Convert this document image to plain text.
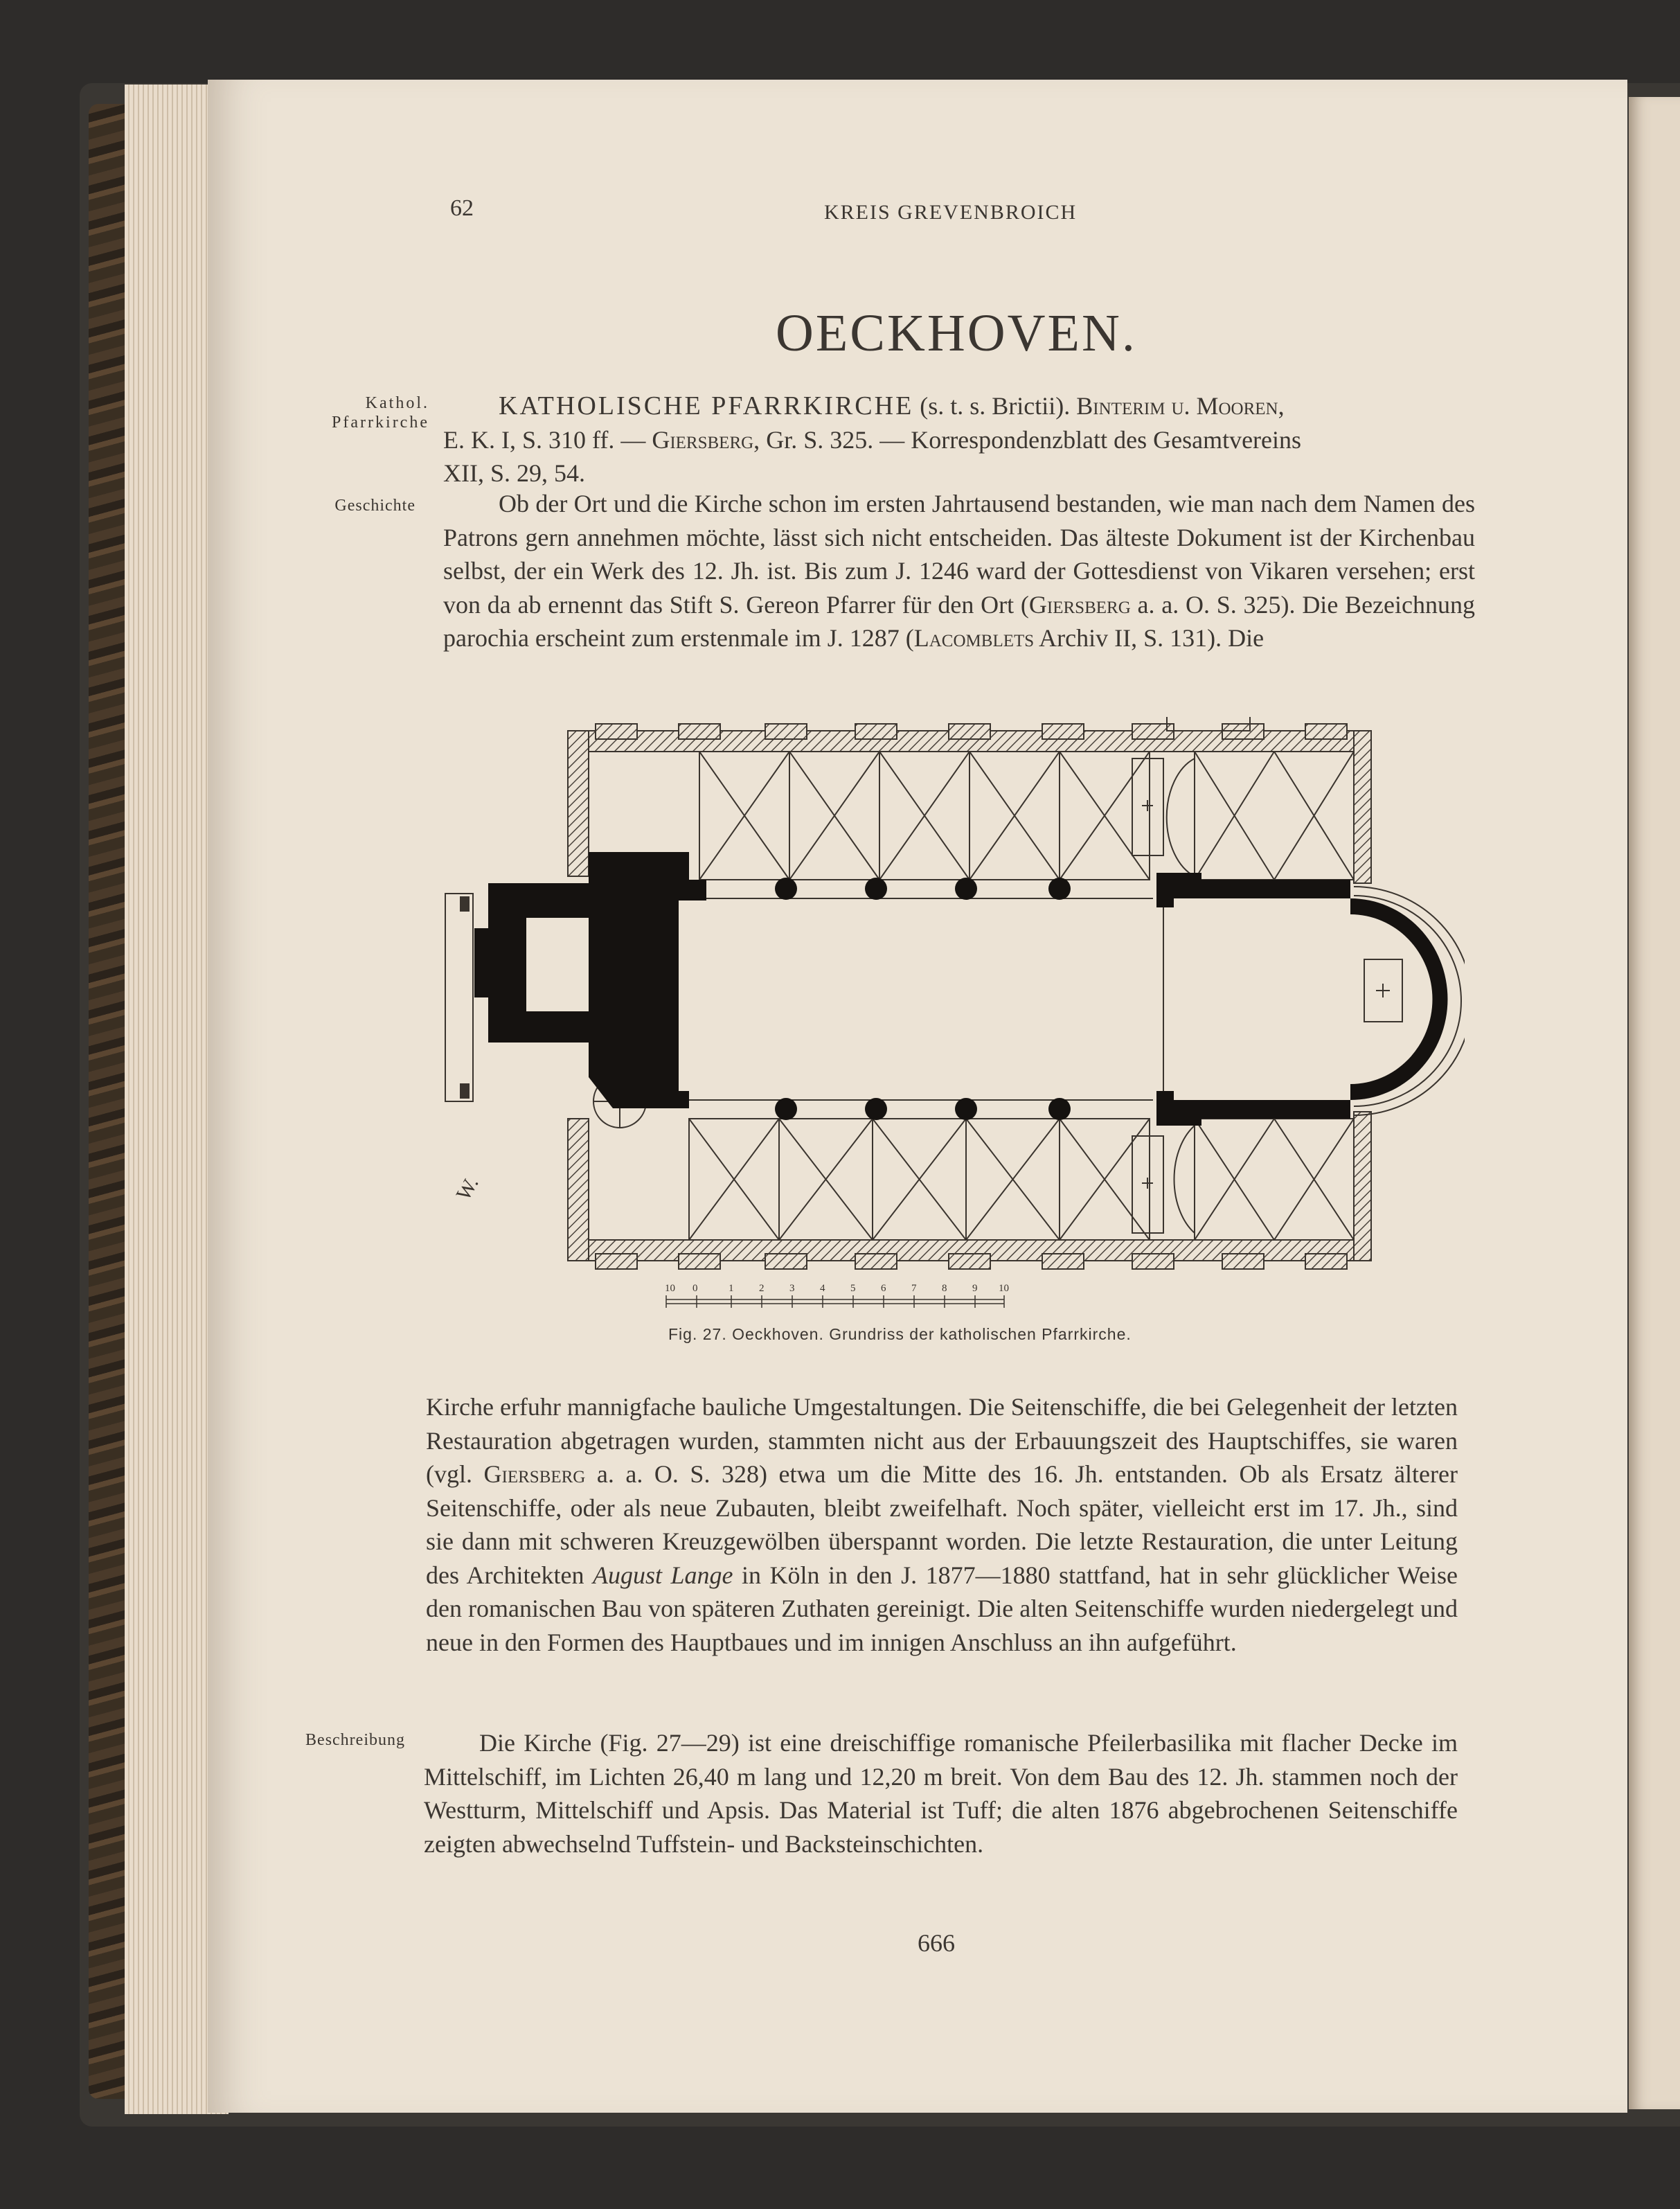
62	KREIS GREVENBROICH
OECKHOVEN.
Kathol.
Pfarrkirche
Geschichte
Beschreibung
KATHOLISCHE PFARRKIRCHE (s. t. s. Brictii). Binterim u. Mooren,
E. K. I, S. 310 ff. — Giersberg, Gr. S. 325. — Korrespondenzblatt des Gesamtvereins
XII, S. 29, 54.
Ob der Ort und die Kirche schon im ersten Jahrtausend bestanden, wie man nach dem Namen des Patrons gern annehmen möchte, lässt sich nicht entscheiden. Das älteste Dokument ist der Kirchenbau selbst, der ein Werk des 12. Jh. ist. Bis zum J. 1246 ward der Gottesdienst von Vikaren versehen; erst von da ab ernennt das Stift S. Gereon Pfarrer für den Ort (Giersberg a. a. O. S. 325). Die Bezeichnung parochia erscheint zum erstenmale im J. 1287 (Lacomblets Archiv II, S. 131). Die
W.
10 0	1 2 3 4 5 6 7 8 9 10
Fig. 27. Oeckhoven. Grundriss der katholischen Pfarrkirche.
Kirche erfuhr mannigfache bauliche Umgestaltungen. Die Seitenschiffe, die bei Gelegenheit der letzten Restauration abgetragen wurden, stammten nicht aus der Erbauungszeit des Hauptschiffes, sie waren (vgl. Giersberg a. a. O. S. 328) etwa um die Mitte des 16. Jh. entstanden. Ob als Ersatz älterer Seitenschiffe, oder als neue Zubauten, bleibt zweifelhaft. Noch später, vielleicht erst im 17. Jh., sind sie dann mit schweren Kreuzgewölben überspannt worden. Die letzte Restauration, die unter Leitung des Architekten August Lange in Köln in den J. 1877—1880 stattfand, hat in sehr glücklicher Weise den romanischen Bau von späteren Zuthaten gereinigt. Die alten Seitenschiffe wurden niedergelegt und neue in den Formen des Hauptbaues und im innigen Anschluss an ihn aufgeführt.
Die Kirche (Fig. 27—29) ist eine dreischiffige romanische Pfeilerbasilika mit flacher Decke im Mittelschiff, im Lichten 26,40 m lang und 12,20 m breit. Von dem Bau des 12. Jh. stammen noch der Westturm, Mittelschiff und Apsis. Das Material ist Tuff; die alten 1876 abgebrochenen Seitenschiffe zeigten abwechselnd Tuffstein- und Backsteinschichten.
666
